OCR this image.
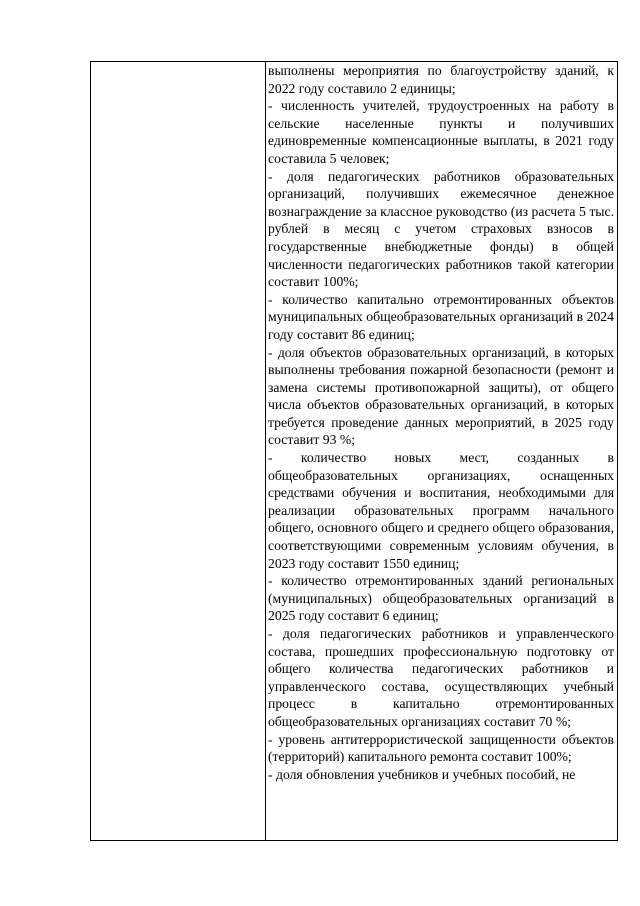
выполнены мероприятия по благоустройству зданий, к 2022 году составило 2 единицы;

- численность учителей, трудоустроенных на работу в сельские населенные пункты и получивших единовременные компенсационные выплаты, в 2021 году составила 5 человек;

- доля педагогических работников образовательных организаций, получивших ежемесячное денежное вознаграждение за классное руководство (из расчета 5 тыс. рублей в месяц с учетом страховых взносов в государственные внебюджетные фонды) в общей численности педагогических работников такой категории составит 100%;

- количество капитально отремонтированных объектов муниципальных общеобразовательных организаций в 2024 году составит 86 единиц;

- доля объектов образовательных организаций, в которых выполнены требования пожарной безопасности (ремонт и замена системы противопожарной защиты), от общего числа объектов образовательных организаций, в которых требуется проведение данных мероприятий, в 2025 году составит 93 %;

- количество новых мест, созданных в общеобразовательных организациях, оснащенных средствами обучения и воспитания, необходимыми для реализации образовательных программ начального общего, основного общего и среднего общего образования, соответствующими современным условиям обучения, в 2023 году составит 1550 единиц;

- количество отремонтированных зданий региональных (муниципальных) общеобразовательных организаций в 2025 году составит 6 единиц;

- доля педагогических работников и управленческого состава, прошедших профессиональную подготовку от общего количества педагогических работников и управленческого состава, осуществляющих учебный процесс в капитально отремонтированных общеобразовательных организациях составит 70 %;

- уровень антитеррористической защищенности объектов (территорий) капитального ремонта составит 100%;

- доля обновления учебников и учебных пособий, не
